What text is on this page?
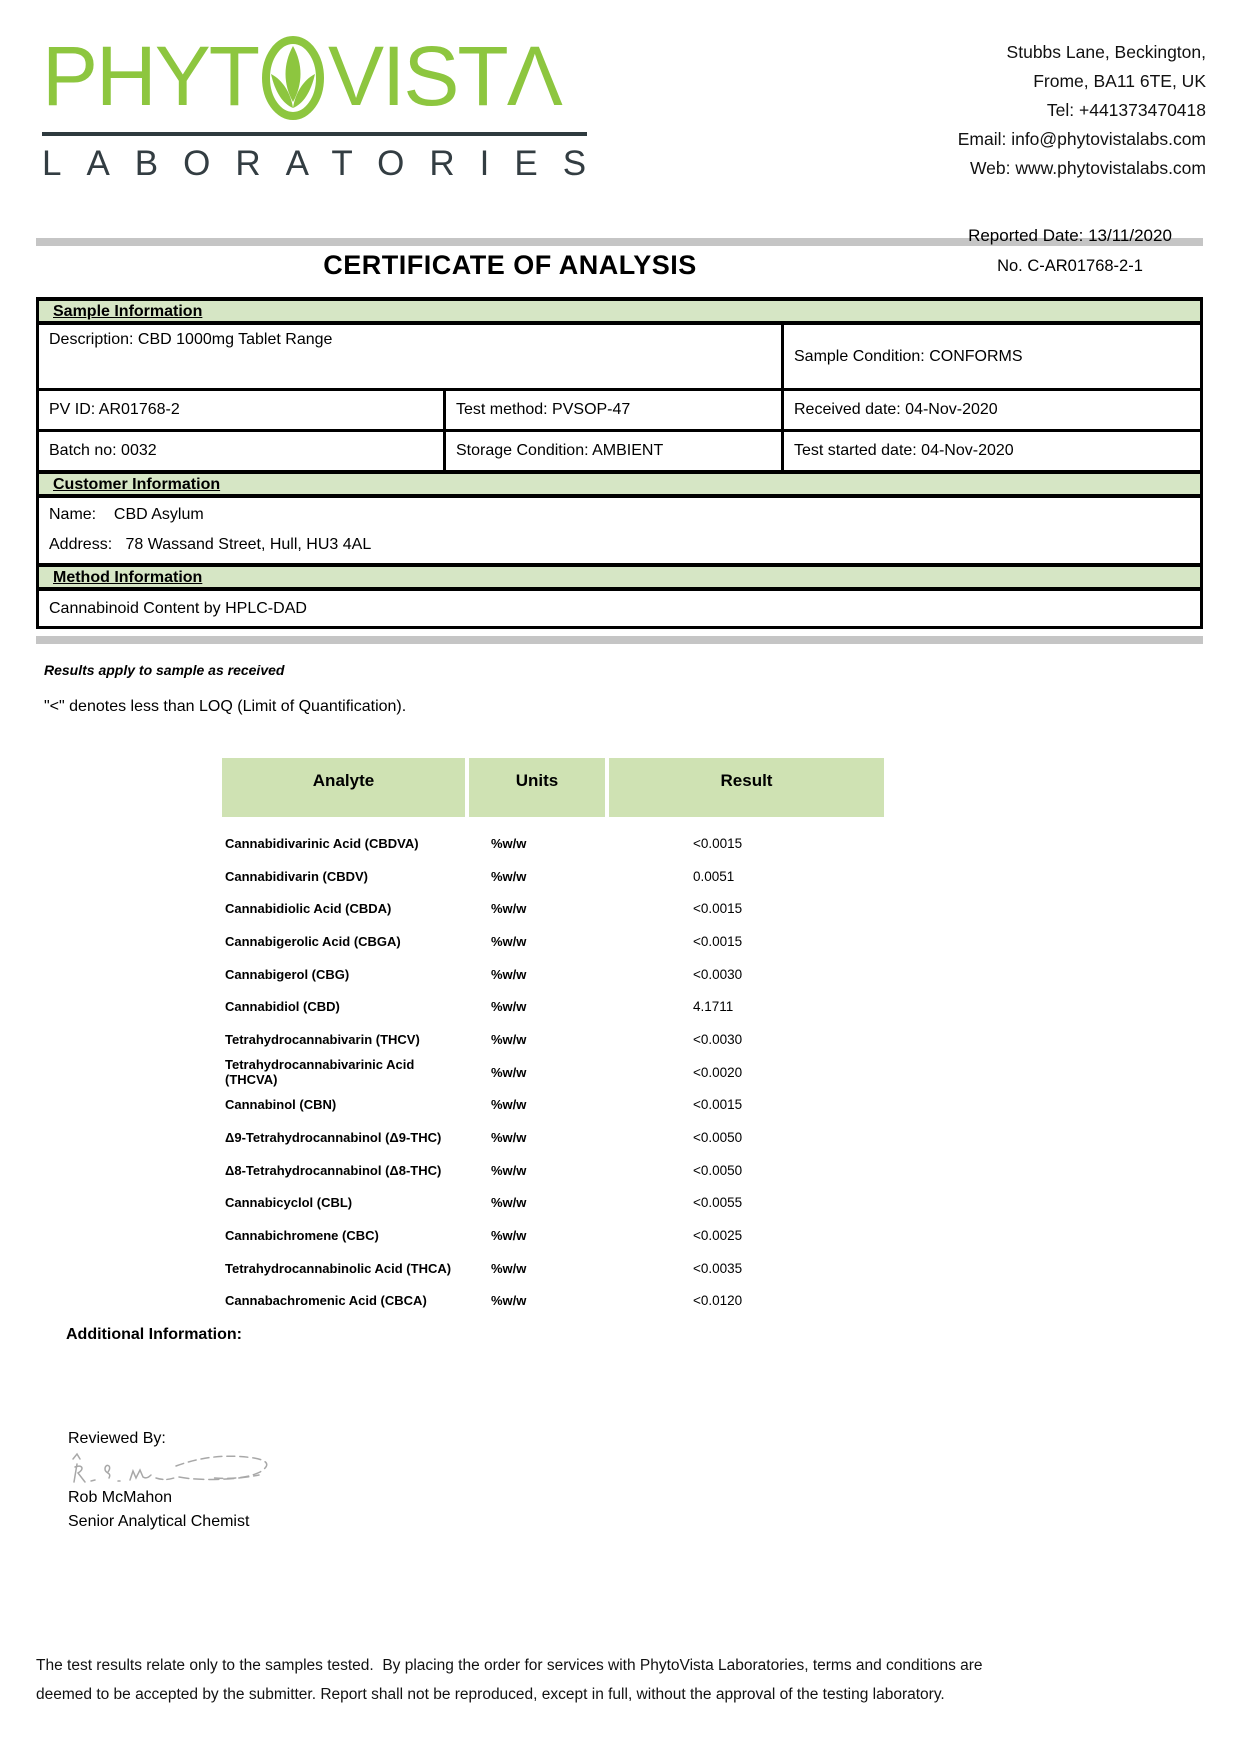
PHYT VIST Λ
LABORATORIES
Stubbs Lane, Beckington,
Frome, BA11 6TE, UK
Tel: +441373470418
Email: info@phytovistalabs.com
Web: www.phytovistalabs.com
CERTIFICATE OF ANALYSIS
Reported Date: 13/11/2020
No. C-AR01768-2-1
Sample Information
Description: CBD 1000mg Tablet Range
Sample Condition: CONFORMS
PV ID: AR01768-2	Test method: PVSOP-47	Received date: 04-Nov-2020
Batch no: 0032	Storage Condition: AMBIENT	Test started date: 04-Nov-2020
Customer Information
Name:    CBD Asylum
Address:   78 Wassand Street, Hull, HU3 4AL
Method Information
Cannabinoid Content by HPLC-DAD
Results apply to sample as received
"<" denotes less than LOQ (Limit of Quantification).
Analyte	Units	Result
Cannabidivarinic Acid (CBDVA)	%w/w	<0.0015
Cannabidivarin (CBDV)	%w/w	0.0051
Cannabidiolic Acid (CBDA)	%w/w	<0.0015
Cannabigerolic Acid (CBGA)	%w/w	<0.0015
Cannabigerol (CBG)	%w/w	<0.0030
Cannabidiol (CBD)	%w/w	4.1711
Tetrahydrocannabivarin (THCV)	%w/w	<0.0030
Tetrahydrocannabivarinic Acid (THCVA)	%w/w	<0.0020
Cannabinol (CBN)	%w/w	<0.0015
Δ9-Tetrahydrocannabinol (Δ9-THC)	%w/w	<0.0050
Δ8-Tetrahydrocannabinol (Δ8-THC)	%w/w	<0.0050
Cannabicyclol (CBL)	%w/w	<0.0055
Cannabichromene (CBC)	%w/w	<0.0025
Tetrahydrocannabinolic Acid (THCA)	%w/w	<0.0035
Cannabachromenic Acid (CBCA)	%w/w	<0.0120
Additional Information:
Reviewed By:
Rob McMahon
Senior Analytical Chemist
The test results relate only to the samples tested.  By placing the order for services with PhytoVista Laboratories, terms and conditions are
deemed to be accepted by the submitter. Report shall not be reproduced, except in full, without the approval of the testing laboratory.
